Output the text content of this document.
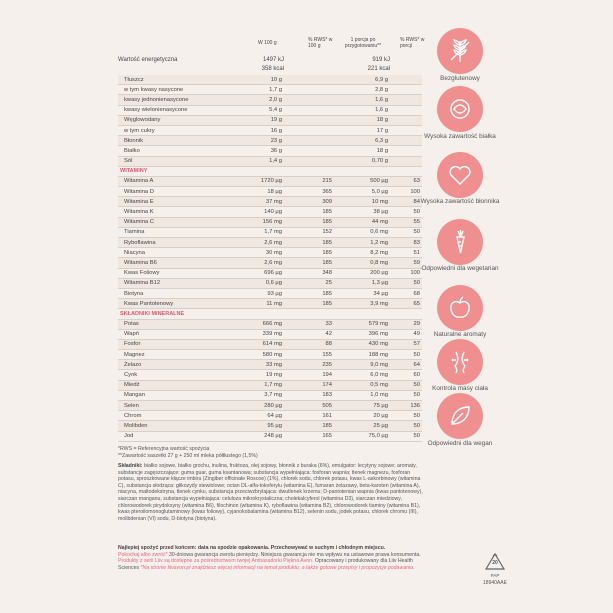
W 100 g	% RWS* w 100 g
1 porcja po przygotowaniu**
% RWS* w porcji
Wartość energetyczna	1497 kJ
358 kcal
919 kJ
221 kcal
Tłuszcz	10 g		6,9 g	
w tym kwasy nasycone	1,7 g		2,8 g	
kwasy jednonienasycone	2,0 g		1,6 g	
kwasy wielonienasycone	5,4 g		1,6 g	
Węglowodany	19 g		18 g	
w tym cukry	16 g		17 g	
Błonnik	23 g		6,3 g	
Białko	36 g		18 g	
Sól	1,4 g		0,70 g	
WITAMINY				
Witamina A	1720 µg	215	500 µg	63
Witamina D	18 µg	365	5,0 µg	100
Witamina E	37 mg	309	10 mg	84
Witamina K	140 µg	185	38 µg	50
Witamina C	156 mg	185	44 mg	55
Tiamina	1,7 mg	152	0,6 mg	50
Ryboflawina	2,6 mg	185	1,2 mg	83
Niacyna	30 mg	185	8,2 mg	51
Witamina B6	2,6 mg	185	0,8 mg	59
Kwas Foliowy	696 µg	348	200 µg	100
Witamina B12	0,6 µg	25	1,3 µg	50
Biotyna	93 µg	185	34 µg	68
Kwas Pantotenowy	11 mg	185	3,9 mg	65
SKŁADNIKI MINERALNE				
Potas	666 mg	33	579 mg	29
Wapń	339 mg	42	396 mg	49
Fosfor	614 mg	88	430 mg	57
Magnez	580 mg	155	188 mg	50
Żelazo	33 mg	235	9,0 mg	64
Cynk	19 mg	194	6,0 mg	60
Miedź	1,7 mg	174	0,5 mg	50
Mangan	3,7 mg	183	1,0 mg	50
Selen	280 µg	505	75 µg	136
Chrom	64 µg	161	20 µg	50
Molibden	95 µg	185	25 µg	50
Jod	248 µg	165	75,0 µg	50
*RWS = Referencyjna wartość spożycia
**Zawartość saszetki 27 g + 250 ml mleka półtłustego (1,5%)
Składniki: białko sojowe, białko grochu, inulina, fruktoza, olej sojowy, błonnik z buraka (6%), emulgator: lecytyny sojowe; aromaty, substancje zagęszczające: guma guar, guma ksantanowa; substancja wypełniająca: fosforan wapnia; tlenek magnezu, fosforan potasu, sproszkowane kłącze imbiru (Zingiber officinale Roscoe) (1%), chlorek sodu, chlorek potasu, kwas L-askorbinowy (witamina C), substancja słodząca: glikozydy stewiolowe; octan DL-alfa-tokoferylu (witamina E), fumaran żelazawy, beta-karoten (witamina A), niacyna, maltodekstryna, tlenek cynku, substancja przeciwzbrylająca: dwutlenek krzemu; D-pantotenian wapnia (kwas pantotenowy), siarczan manganu, substancja wypełniająca: celuloza mikrokrystaliczna; cholekalcyferol (witamina D3), siarczan miedziowy, chlorowodorek pirydoksyny (witamina B6), filochinon (witamina K), ryboflawina (witamina B2), chlorowodorek tiaminy (witamina B1), kwas pteroilomonoglutaminowy (kwas foliowy), cyjanokobalamina (witamina B12), selenin sodu, jodek potasu, chlorek chromu (III), molibdenian (VI) sodu, D-biotyna (biotyna).
Najlepiej spożyć przed końcem: data na spodzie opakowania. Przechowywać w suchym i chłodnym miejscu.
Pokochaj albo zwróć* 30-dniowa gwarancja zwrotu pieniędzy. Niniejsza gwarancja nie ma wpływu na ustawowe prawa konsumenta.
Produkty z serii Liiv są dostępne za pośrednictwem twojej Ambasadorki Piękna Avon. Opracowany i produkowany dla Liiv Health Sciences *Na stronie liivavon.pl znajdziesz więcej informacji na temat produktu, a także gotowe przepisy i propozycje podawania.
Bezglutenowy
Wysoka zawartość białka
Wysoka zawartość błonnika
Odpowiedni dla wegetarian
Naturalne aromaty
Kontrola masy ciała
Odpowiedni dla wegan
20
PAP
18940AAE
